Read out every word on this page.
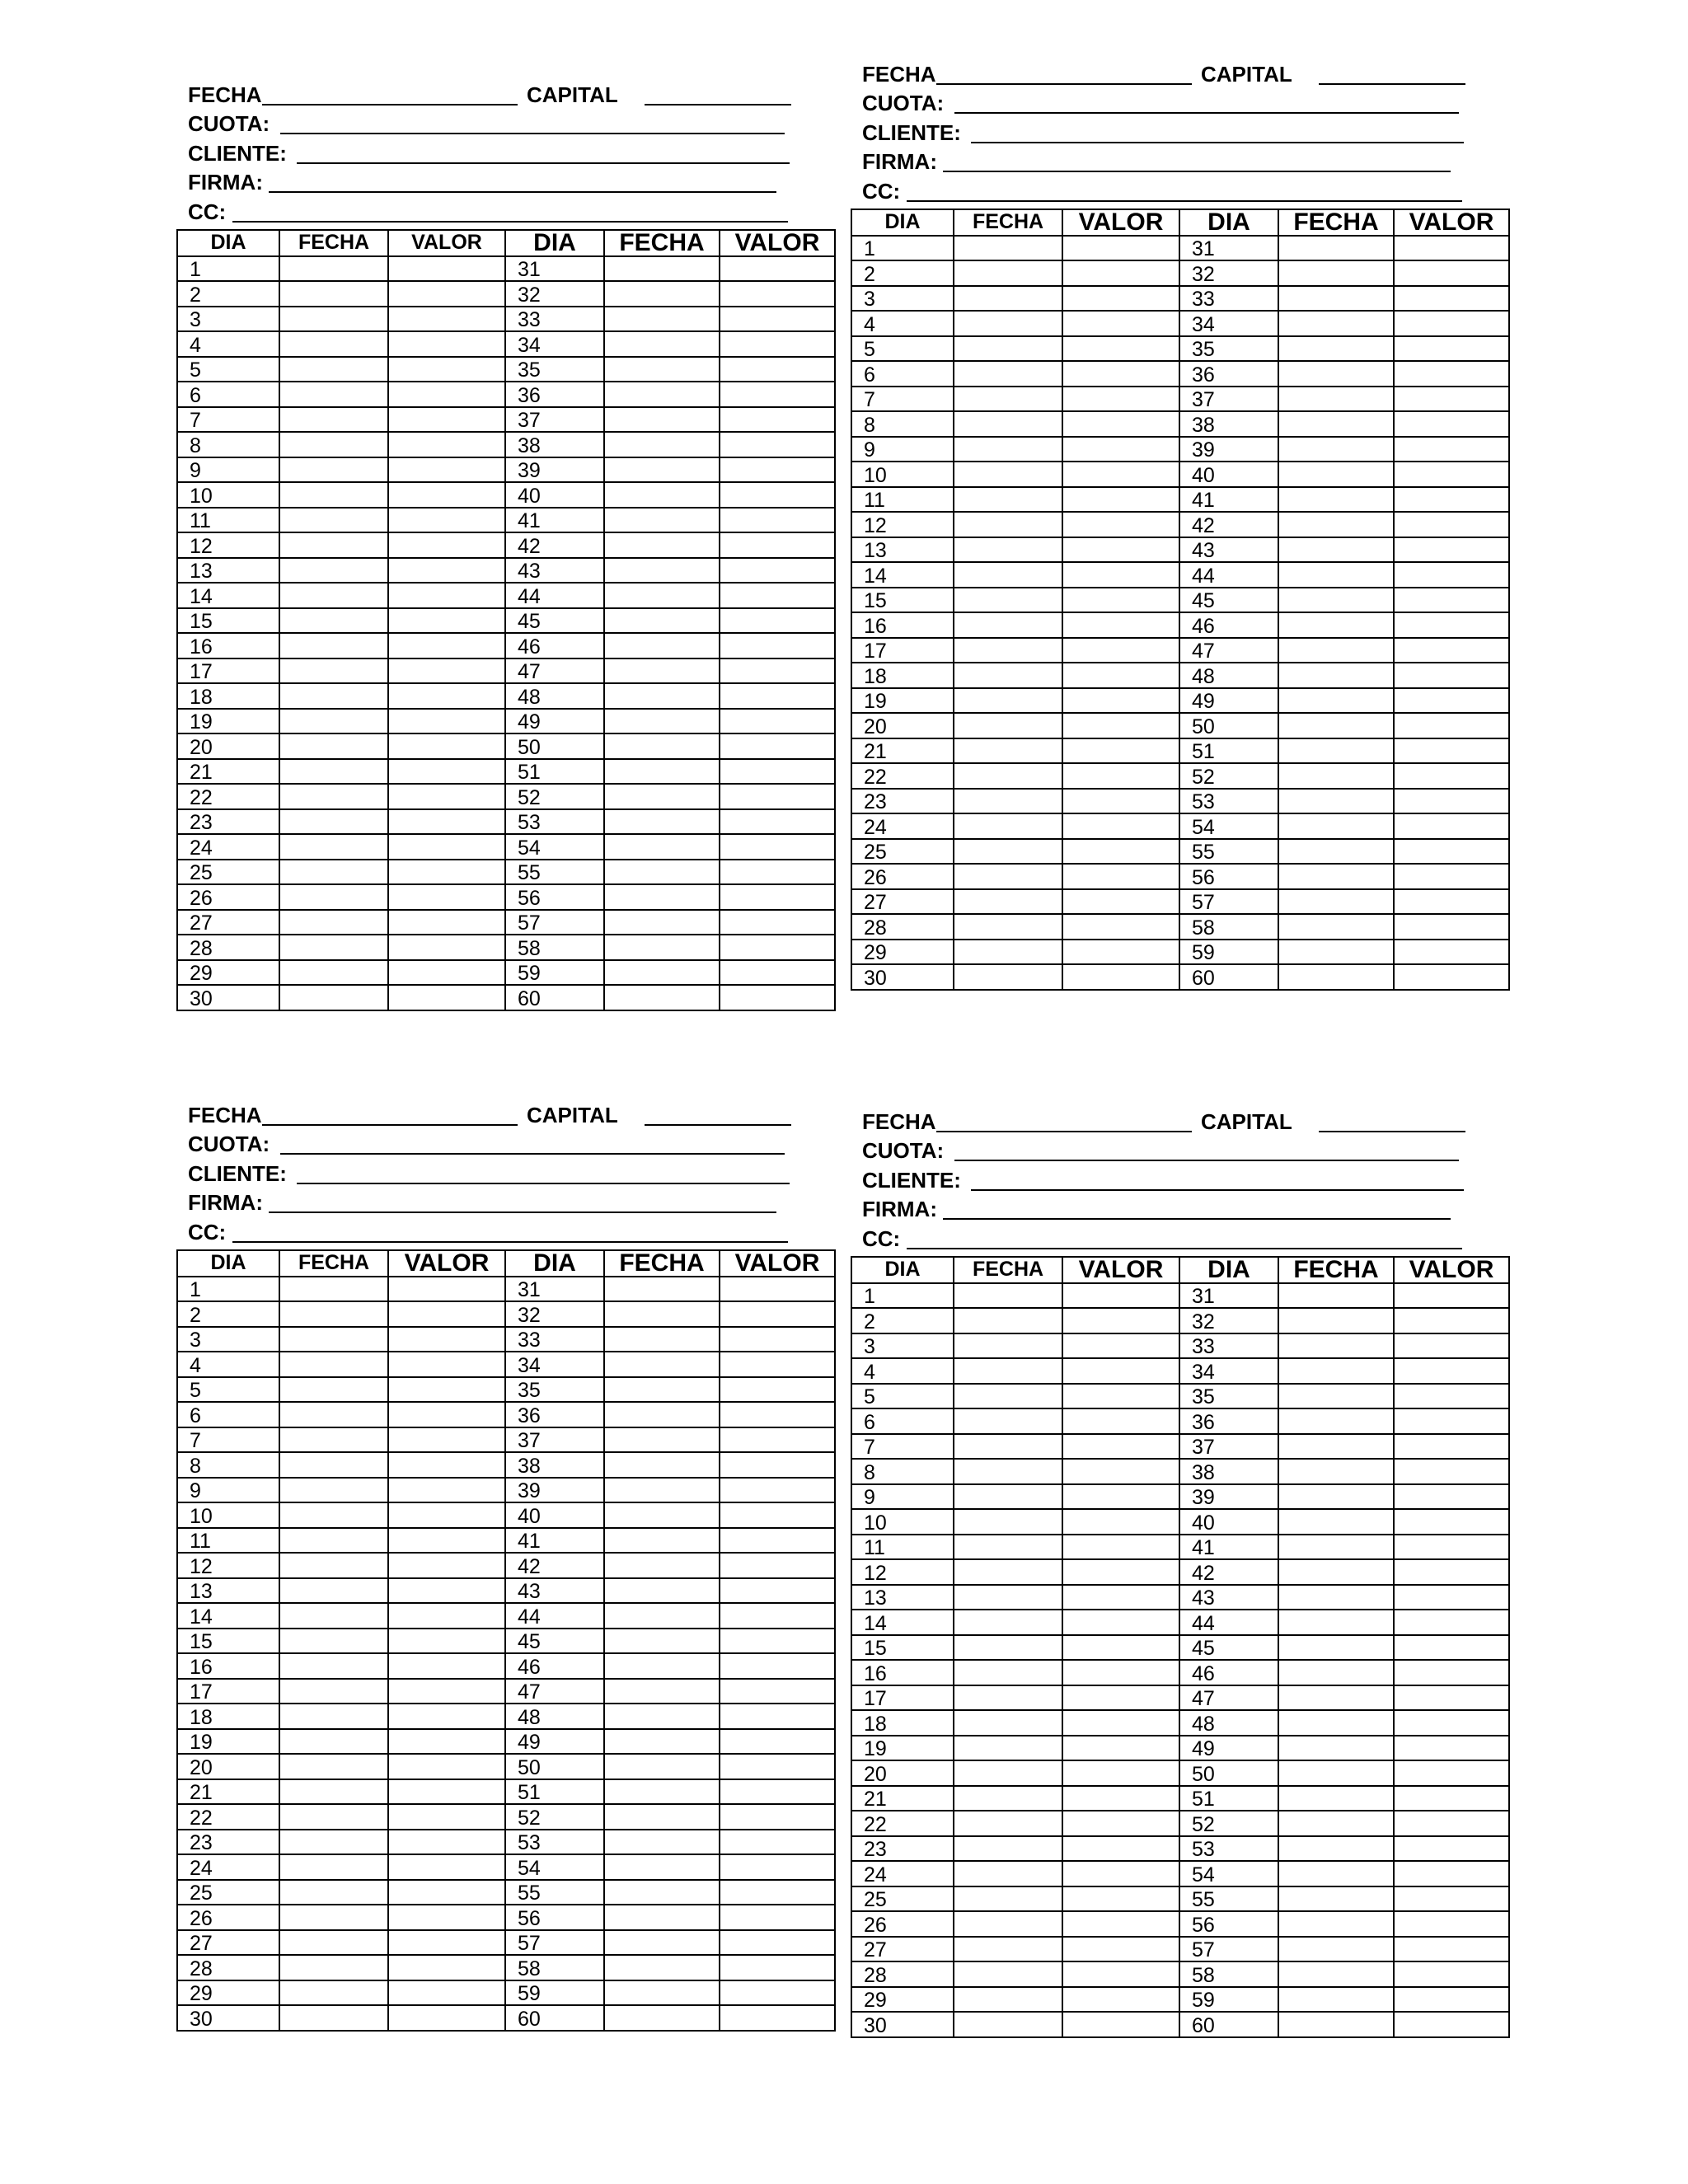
FECHA	CAPITAL
CUOTA:
CLIENTE:
FIRMA:
CC:
DIA	FECHA	VALOR	DIA	FECHA	VALOR
1			31		
2			32		
3			33		
4			34		
5			35		
6			36		
7			37		
8			38		
9			39		
10			40		
11			41		
12			42		
13			43		
14			44		
15			45		
16			46		
17			47		
18			48		
19			49		
20			50		
21			51		
22			52		
23			53		
24			54		
25			55		
26			56		
27			57		
28			58		
29			59		
30			60		
FECHA	CAPITAL
CUOTA:
CLIENTE:
FIRMA:
CC:
DIA	FECHA	VALOR	DIA	FECHA	VALOR
1			31		
2			32		
3			33		
4			34		
5			35		
6			36		
7			37		
8			38		
9			39		
10			40		
11			41		
12			42		
13			43		
14			44		
15			45		
16			46		
17			47		
18			48		
19			49		
20			50		
21			51		
22			52		
23			53		
24			54		
25			55		
26			56		
27			57		
28			58		
29			59		
30			60		
FECHA	CAPITAL
CUOTA:
CLIENTE:
FIRMA:
CC:
DIA	FECHA	VALOR	DIA	FECHA	VALOR
1			31		
2			32		
3			33		
4			34		
5			35		
6			36		
7			37		
8			38		
9			39		
10			40		
11			41		
12			42		
13			43		
14			44		
15			45		
16			46		
17			47		
18			48		
19			49		
20			50		
21			51		
22			52		
23			53		
24			54		
25			55		
26			56		
27			57		
28			58		
29			59		
30			60		
FECHA	CAPITAL
CUOTA:
CLIENTE:
FIRMA:
CC:
DIA	FECHA	VALOR	DIA	FECHA	VALOR
1			31		
2			32		
3			33		
4			34		
5			35		
6			36		
7			37		
8			38		
9			39		
10			40		
11			41		
12			42		
13			43		
14			44		
15			45		
16			46		
17			47		
18			48		
19			49		
20			50		
21			51		
22			52		
23			53		
24			54		
25			55		
26			56		
27			57		
28			58		
29			59		
30			60		
